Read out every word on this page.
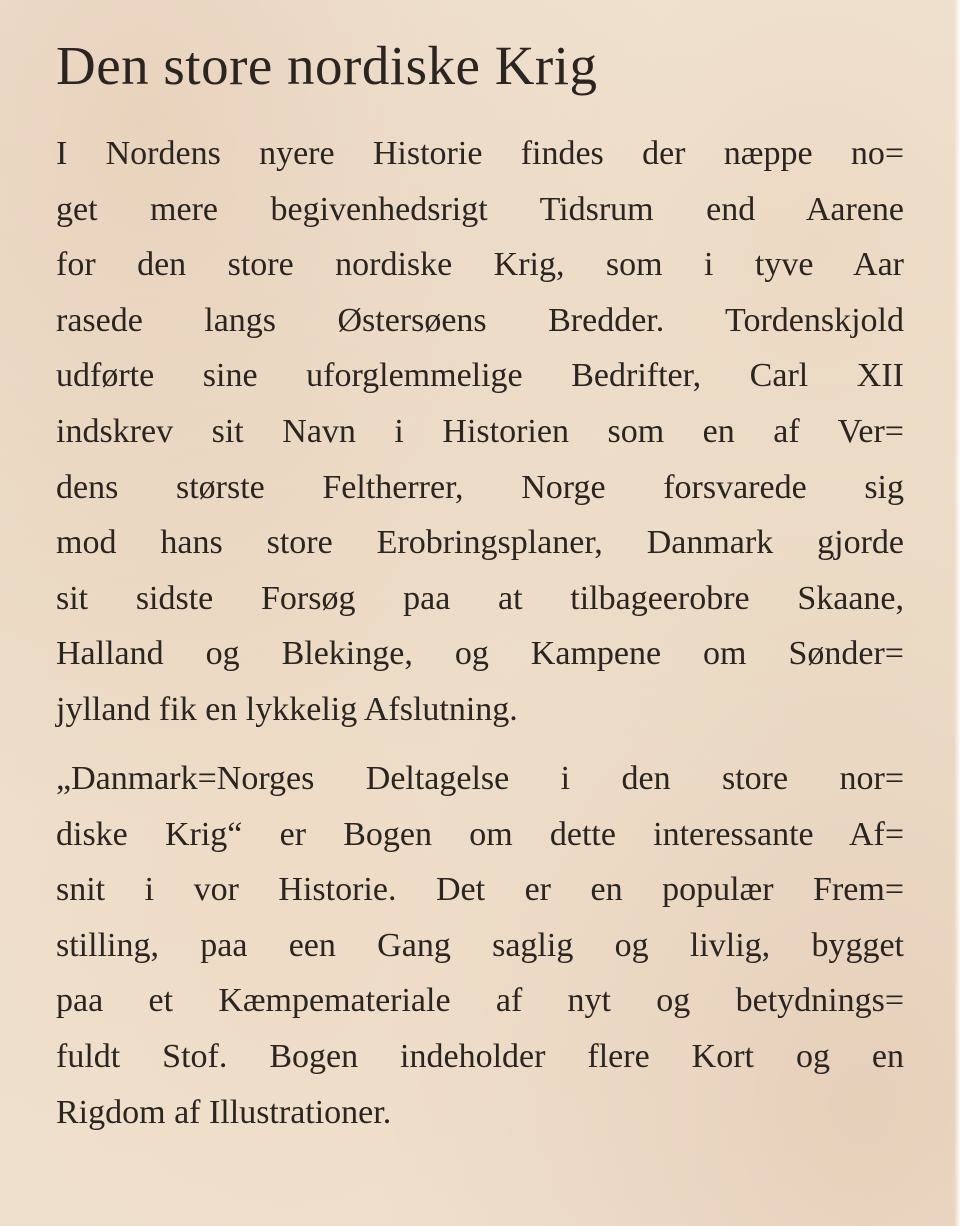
Den store nordiske Krig
I Nordens nyere Historie findes der næppe no=
get mere begivenhedsrigt Tidsrum end Aarene
for den store nordiske Krig, som i tyve Aar
rasede langs Østersøens Bredder. Tordenskjold
udførte sine uforglemmelige Bedrifter, Carl XII
indskrev sit Navn i Historien som en af Ver=
dens største Feltherrer, Norge forsvarede sig
mod hans store Erobringsplaner, Danmark gjorde
sit sidste Forsøg paa at tilbageerobre Skaane,
Halland og Blekinge, og Kampene om Sønder=
jylland fik en lykkelig Afslutning.
„Danmark=Norges Deltagelse i den store nor=
diske Krig“ er Bogen om dette interessante Af=
snit i vor Historie. Det er en populær Frem=
stilling, paa een Gang saglig og livlig, bygget
paa et Kæmpemateriale af nyt og betydnings=
fuldt Stof. Bogen indeholder flere Kort og en
Rigdom af Illustrationer.
